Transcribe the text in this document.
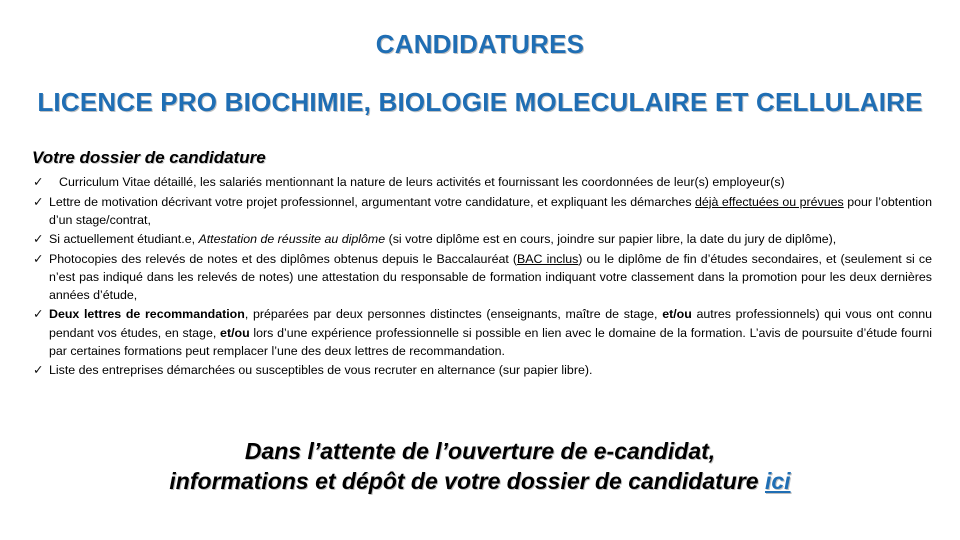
CANDIDATURES
LICENCE PRO BIOCHIMIE, BIOLOGIE MOLECULAIRE ET CELLULAIRE
Votre dossier de candidature
✓ Curriculum Vitae détaillé, les salariés mentionnant la nature de leurs activités et fournissant les coordonnées de leur(s) employeur(s)
✓ Lettre de motivation décrivant votre projet professionnel, argumentant votre candidature, et expliquant les démarches déjà effectuées ou prévues pour l’obtention d’un stage/contrat,
✓ Si actuellement étudiant.e, Attestation de réussite au diplôme (si votre diplôme est en cours, joindre sur papier libre, la date du jury de diplôme),
✓ Photocopies des relevés de notes et des diplômes obtenus depuis le Baccalauréat (BAC inclus) ou le diplôme de fin d’études secondaires, et (seulement si ce n’est pas indiqué dans les relevés de notes) une attestation du responsable de formation indiquant votre classement dans la promotion pour les deux dernières années d’étude,
✓ Deux lettres de recommandation, préparées par deux personnes distinctes (enseignants, maître de stage, et/ou autres professionnels) qui vous ont connu pendant vos études, en stage, et/ou lors d’une expérience professionnelle si possible en lien avec le domaine de la formation. L’avis de poursuite d’étude fourni par certaines formations peut remplacer l’une des deux lettres de recommandation.
✓ Liste des entreprises démarchées ou susceptibles de vous recruter en alternance (sur papier libre).
Dans l’attente de l’ouverture de e-candidat,
informations et dépôt de votre dossier de candidature ici
